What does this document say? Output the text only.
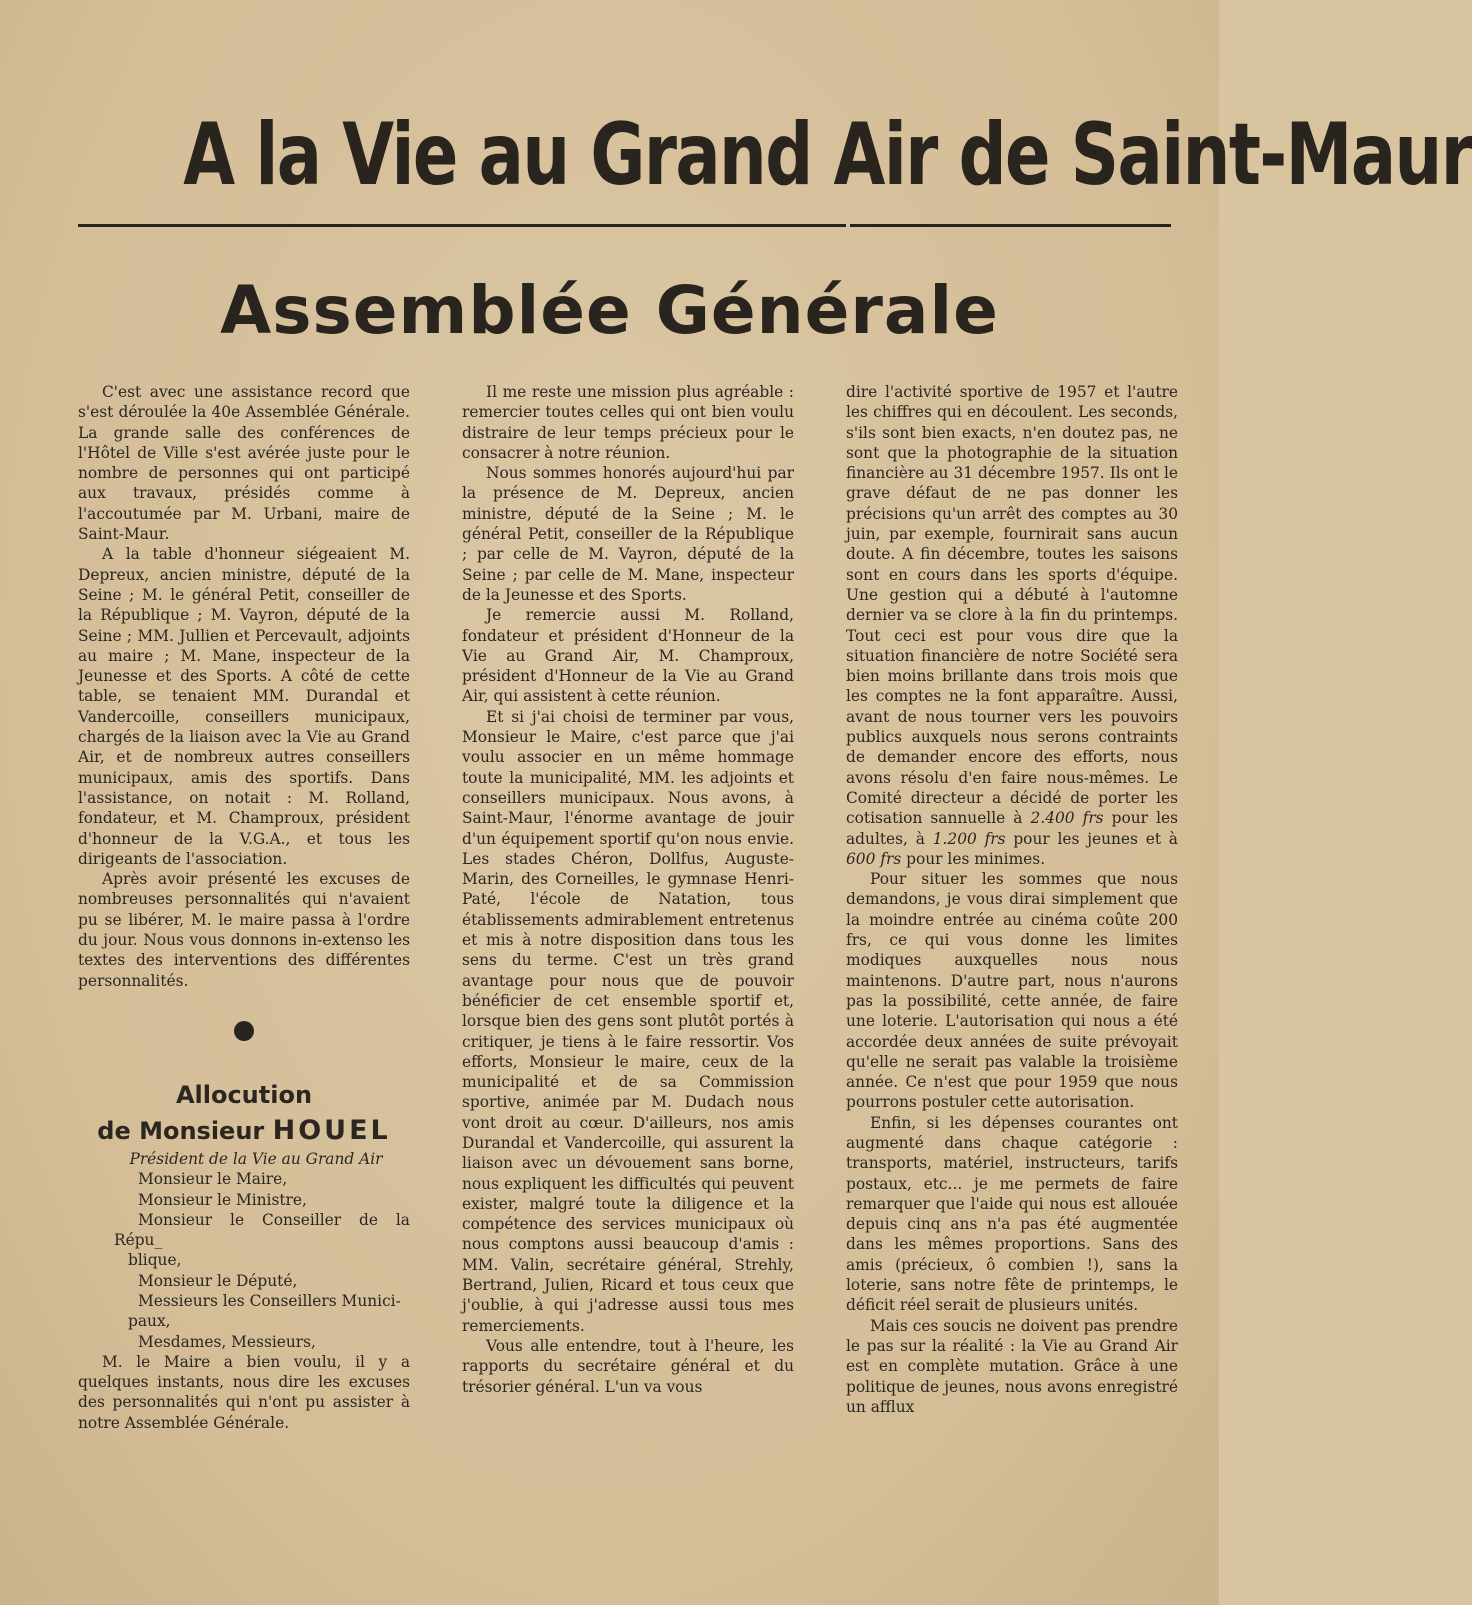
A la Vie au Grand Air de Saint-Maur
Assemblée Générale

C'est avec une assistance record que s'est déroulée la 40e Assemblée Générale. La grande salle des conférences de l'Hôtel de Ville s'est avérée juste pour le nombre de personnes qui ont participé aux travaux, présidés comme à l'accoutumée par M. Urbani, maire de Saint-Maur.

A la table d'honneur siégeaient M. Depreux, ancien ministre, député de la Seine ; M. le général Petit, conseiller de la République ; M. Vayron, député de la Seine ; MM. Jullien et Percevault, adjoints au maire ; M. Mane, inspecteur de la Jeunesse et des Sports. A côté de cette table, se tenaient MM. Durandal et Vandercoille, conseillers municipaux, chargés de la liaison avec la Vie au Grand Air, et de nombreux autres conseillers municipaux, amis des sportifs. Dans l'assistance, on notait : M. Rolland, fondateur, et M. Champroux, président d'honneur de la V.G.A., et tous les dirigeants de l'association.

Après avoir présenté les excuses de nombreuses personnalités qui n'avaient pu se libérer, M. le maire passa à l'ordre du jour. Nous vous donnons in-extenso les textes des interventions des différentes personnalités.

Allocution
de Monsieur HOUEL

Président de la Vie au Grand Air

Monsieur le Maire,

Monsieur le Ministre,

Monsieur le Conseiller de la Répu_
blique,

Monsieur le Député,

Messieurs les Conseillers Munici-
paux,

Mesdames, Messieurs,

M. le Maire a bien voulu, il y a quelques instants, nous dire les excuses des personnalités qui n'ont pu assister à notre Assemblée Générale.

Il me reste une mission plus agréable : remercier toutes celles qui ont bien voulu distraire de leur temps précieux pour le consacrer à notre réunion.

Nous sommes honorés aujourd'hui par la présence de M. Depreux, ancien ministre, député de la Seine ; M. le général Petit, conseiller de la République ; par celle de M. Vayron, député de la Seine ; par celle de M. Mane, inspecteur de la Jeunesse et des Sports.

Je remercie aussi M. Rolland, fondateur et président d'Honneur de la Vie au Grand Air, M. Champroux, président d'Honneur de la Vie au Grand Air, qui assistent à cette réunion.

Et si j'ai choisi de terminer par vous, Monsieur le Maire, c'est parce que j'ai voulu associer en un même hommage toute la municipalité, MM. les adjoints et conseillers municipaux. Nous avons, à Saint-Maur, l'énorme avantage de jouir d'un équipement sportif qu'on nous envie. Les stades Chéron, Dollfus, Auguste-Marin, des Corneilles, le gymnase Henri-Paté, l'école de Natation, tous établissements admirablement entretenus et mis à notre disposition dans tous les sens du terme. C'est un très grand avantage pour nous que de pouvoir bénéficier de cet ensemble sportif et, lorsque bien des gens sont plutôt portés à critiquer, je tiens à le faire ressortir. Vos efforts, Monsieur le maire, ceux de la municipalité et de sa Commission sportive, animée par M. Dudach nous vont droit au cœur. D'ailleurs, nos amis Durandal et Vandercoille, qui assurent la liaison avec un dévouement sans borne, nous expliquent les difficultés qui peuvent exister, malgré toute la diligence et la compétence des services municipaux où nous comptons aussi beaucoup d'amis : MM. Valin, secrétaire général, Strehly, Bertrand, Julien, Ricard et tous ceux que j'oublie, à qui j'adresse aussi tous mes remerciements.

Vous alle entendre, tout à l'heure, les rapports du secrétaire général et du trésorier général. L'un va vous

dire l'activité sportive de 1957 et l'autre les chiffres qui en découlent. Les seconds, s'ils sont bien exacts, n'en doutez pas, ne sont que la photographie de la situation financière au 31 décembre 1957. Ils ont le grave défaut de ne pas donner les précisions qu'un arrêt des comptes au 30 juin, par exemple, fournirait sans aucun doute. A fin décembre, toutes les saisons sont en cours dans les sports d'équipe. Une gestion qui a débuté à l'automne dernier va se clore à la fin du printemps. Tout ceci est pour vous dire que la situation financière de notre Société sera bien moins brillante dans trois mois que les comptes ne la font apparaître. Aussi, avant de nous tourner vers les pouvoirs publics auxquels nous serons contraints de demander encore des efforts, nous avons résolu d'en faire nous-mêmes. Le Comité directeur a décidé de porter les cotisation sannuelle à 2.400 frs pour les adultes, à 1.200 frs pour les jeunes et à 600 frs pour les minimes.

Pour situer les sommes que nous demandons, je vous dirai simplement que la moindre entrée au cinéma coûte 200 frs, ce qui vous donne les limites modiques auxquelles nous nous maintenons. D'autre part, nous n'aurons pas la possibilité, cette année, de faire une loterie. L'autorisation qui nous a été accordée deux années de suite prévoyait qu'elle ne serait pas valable la troisième année. Ce n'est que pour 1959 que nous pourrons postuler cette autorisation.

Enfin, si les dépenses courantes ont augmenté dans chaque catégorie : transports, matériel, instructeurs, tarifs postaux, etc... je me permets de faire remarquer que l'aide qui nous est allouée depuis cinq ans n'a pas été augmentée dans les mêmes proportions. Sans des amis (précieux, ô combien !), sans la loterie, sans notre fête de printemps, le déficit réel serait de plusieurs unités.

Mais ces soucis ne doivent pas prendre le pas sur la réalité : la Vie au Grand Air est en complète mutation. Grâce à une politique de jeunes, nous avons enregistré un afflux
